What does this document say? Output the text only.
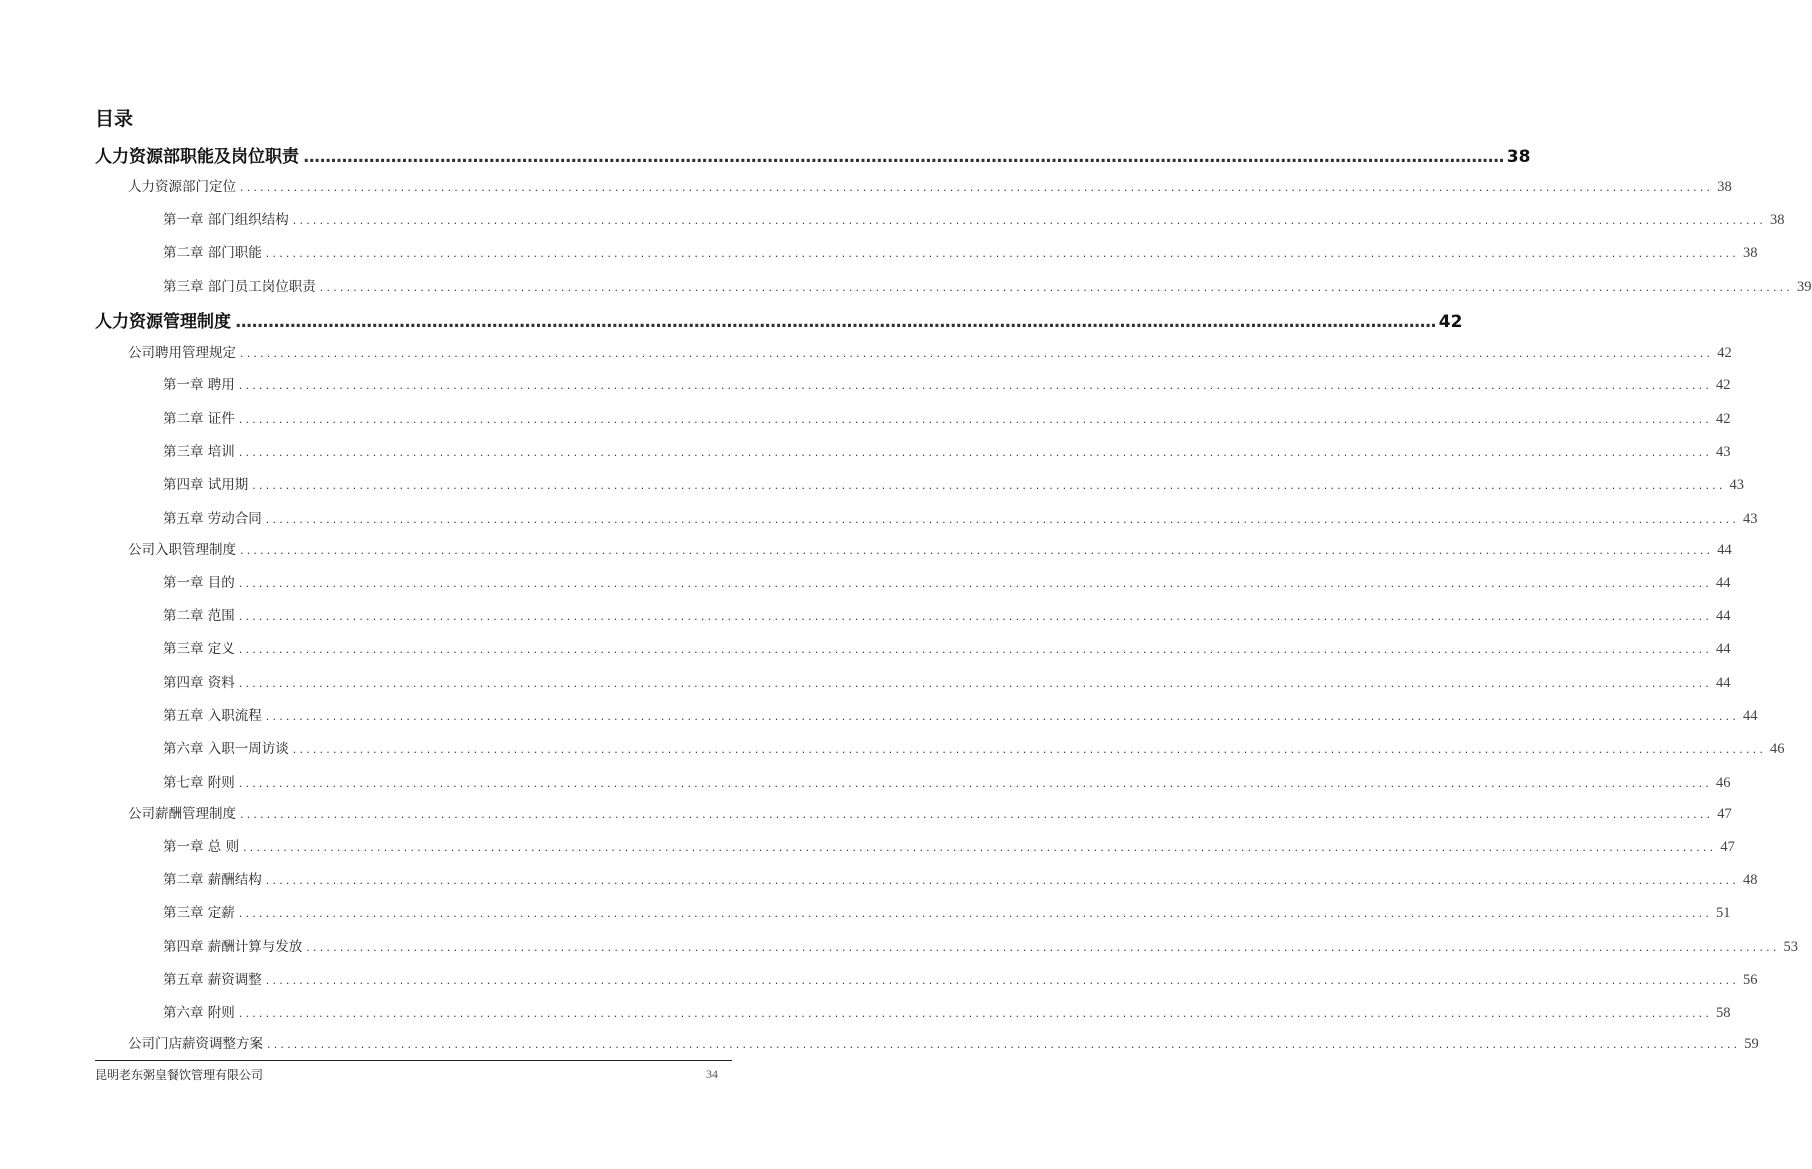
目录
人力资源部职能及岗位职责 ............................................................................................................................................................................................................................ 38
人力资源部门定位 ............................................................................................................................................................................................................................ 38
第一章 部门组织结构 ............................................................................................................................................................................................................................ 38
第二章 部门职能 ............................................................................................................................................................................................................................ 38
第三章 部门员工岗位职责 ............................................................................................................................................................................................................................ 39
人力资源管理制度 ............................................................................................................................................................................................................................ 42
公司聘用管理规定 ............................................................................................................................................................................................................................ 42
第一章 聘用 ............................................................................................................................................................................................................................ 42
第二章 证件 ............................................................................................................................................................................................................................ 42
第三章 培训 ............................................................................................................................................................................................................................ 43
第四章 试用期 ............................................................................................................................................................................................................................ 43
第五章 劳动合同 ............................................................................................................................................................................................................................ 43
公司入职管理制度 ............................................................................................................................................................................................................................ 44
第一章 目的 ............................................................................................................................................................................................................................ 44
第二章 范围 ............................................................................................................................................................................................................................ 44
第三章 定义 ............................................................................................................................................................................................................................ 44
第四章 资料 ............................................................................................................................................................................................................................ 44
第五章 入职流程 ............................................................................................................................................................................................................................ 44
第六章 入职一周访谈 ............................................................................................................................................................................................................................ 46
第七章 附则 ............................................................................................................................................................................................................................ 46
公司薪酬管理制度 ............................................................................................................................................................................................................................ 47
第一章 总 则 ............................................................................................................................................................................................................................ 47
第二章 薪酬结构 ............................................................................................................................................................................................................................ 48
第三章 定薪 ............................................................................................................................................................................................................................ 51
第四章 薪酬计算与发放 ............................................................................................................................................................................................................................ 53
第五章 薪资调整 ............................................................................................................................................................................................................................ 56
第六章 附则 ............................................................................................................................................................................................................................ 58
公司门店薪资调整方案 ............................................................................................................................................................................................................................ 59
昆明老东粥皇餐饮管理有限公司	34
